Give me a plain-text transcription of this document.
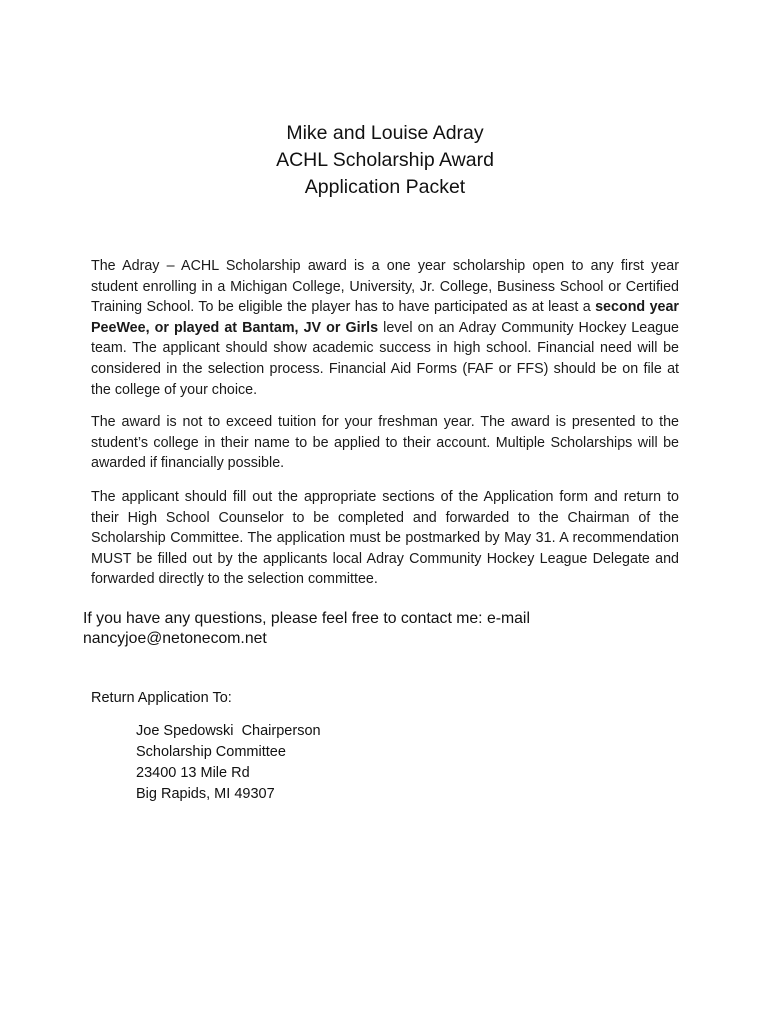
Mike and Louise Adray
ACHL Scholarship Award
Application Packet
The Adray – ACHL Scholarship award is a one year scholarship open to any first year student enrolling in a Michigan College, University, Jr. College, Business School or Certified Training School. To be eligible the player has to have participated as at least a second year PeeWee, or played at Bantam, JV or Girls level on an Adray Community Hockey League team. The applicant should show academic success in high school. Financial need will be considered in the selection process. Financial Aid Forms (FAF or FFS) should be on file at the college of your choice.
The award is not to exceed tuition for your freshman year. The award is presented to the student’s college in their name to be applied to their account. Multiple Scholarships will be awarded if financially possible.
The applicant should fill out the appropriate sections of the Application form and return to their High School Counselor to be completed and forwarded to the Chairman of the Scholarship Committee. The application must be postmarked by May 31. A recommendation MUST be filled out by the applicants local Adray Community Hockey League Delegate and forwarded directly to the selection committee.
If you have any questions, please feel free to contact me: e-mail
nancyjoe@netonecom.net
Return Application To:
Joe Spedowski  Chairperson
Scholarship Committee
23400 13 Mile Rd
Big Rapids, MI 49307
